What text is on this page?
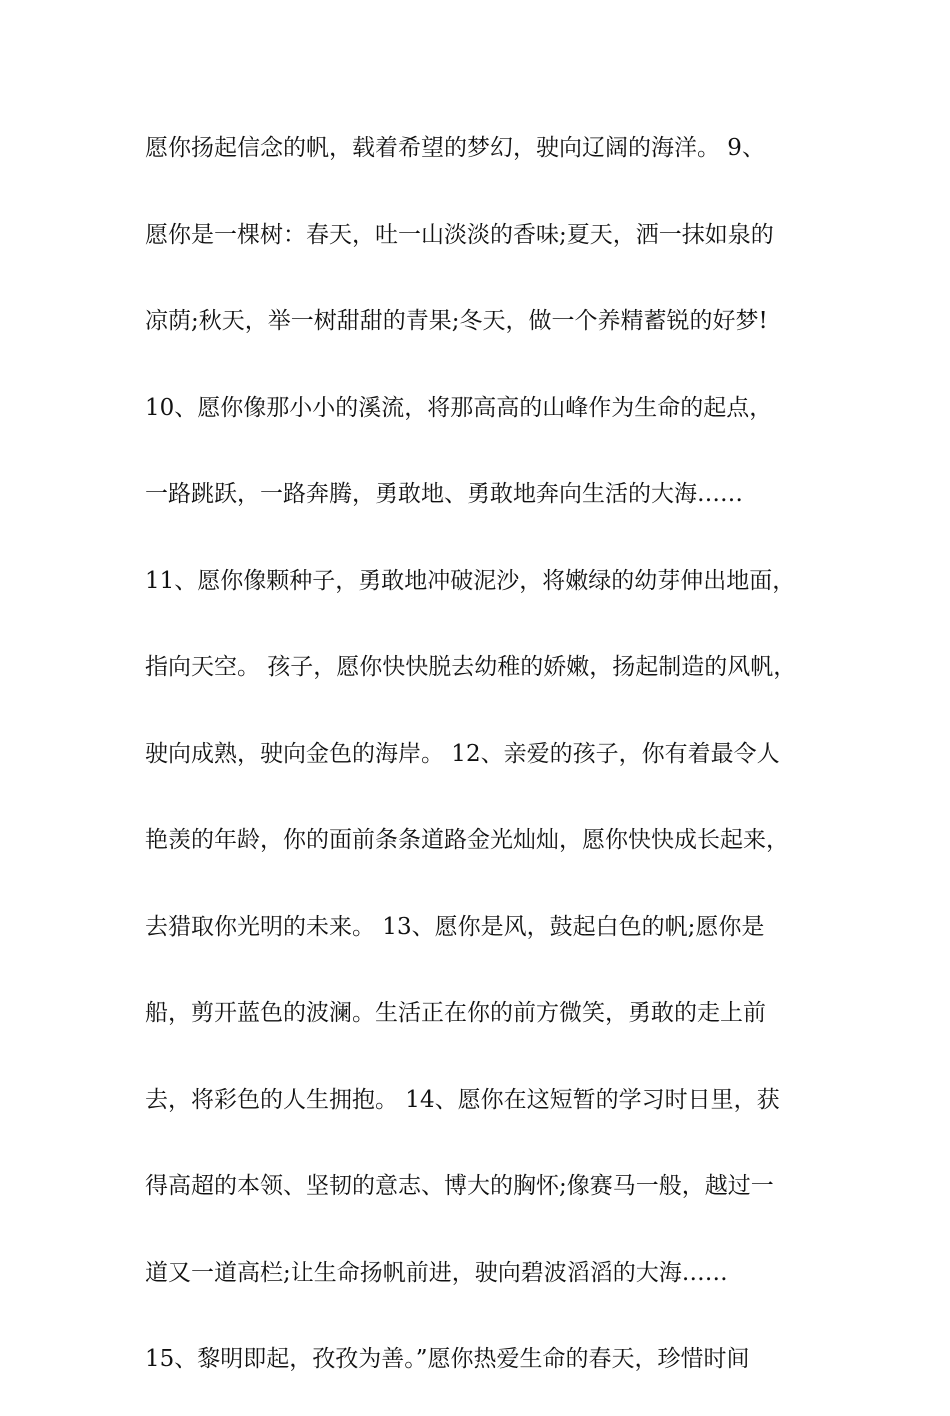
愿你扬起信念的帆，载着希望的梦幻，驶向辽阔的海洋。 9、
愿你是一棵树：春天，吐一山淡淡的香味;夏天，洒一抹如泉的
凉荫;秋天，举一树甜甜的青果;冬天，做一个养精蓄锐的好梦!
10、愿你像那小小的溪流，将那高高的山峰作为生命的起点，
一路跳跃，一路奔腾，勇敢地、勇敢地奔向生活的大海……
11、愿你像颗种子，勇敢地冲破泥沙，将嫩绿的幼芽伸出地面，
指向天空。 孩子，愿你快快脱去幼稚的娇嫩，扬起制造的风帆，
驶向成熟，驶向金色的海岸。 12、亲爱的孩子，你有着最令人
艳羡的年龄，你的面前条条道路金光灿灿，愿你快快成长起来，
去猎取你光明的未来。 13、愿你是风，鼓起白色的帆;愿你是
船，剪开蓝色的波澜。生活正在你的前方微笑，勇敢的走上前
去，将彩色的人生拥抱。 14、愿你在这短暂的学习时日里，获
得高超的本领、坚韧的意志、博大的胸怀;像赛马一般，越过一
道又一道高栏;让生命扬帆前进，驶向碧波滔滔的大海……
15、黎明即起，孜孜为善。”愿你热爱生命的春天，珍惜时间
